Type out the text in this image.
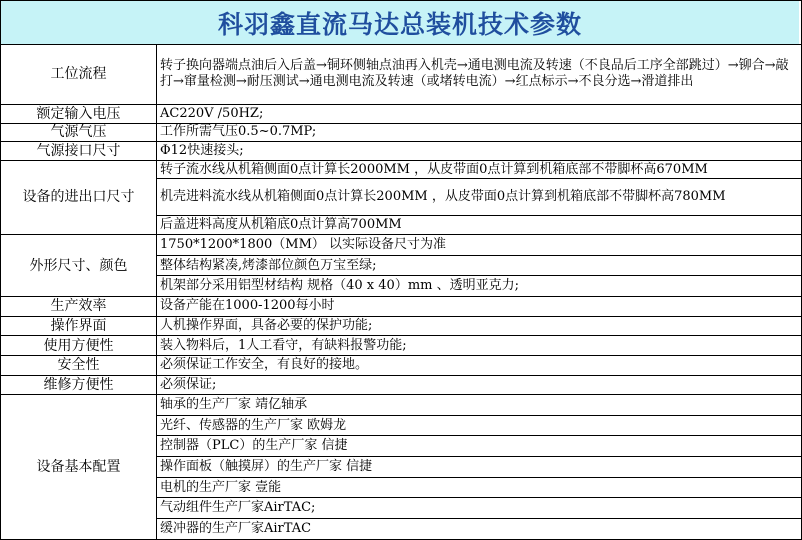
科羽鑫直流马达总装机技术参数
工位流程	转子换向器端点油后入后盖→铜环侧轴点油再入机壳→通电测电流及转速（不良品后工序全部跳过）→铆合→敲打→窜量检测→耐压测试→通电测电流及转速（或堵转电流）→红点标示→不良分选→滑道排出
额定输入电压	AC220V /50HZ;
气源气压	工作所需气压0.5~0.7MP;
气源接口尺寸	Φ12快速接头;
设备的进出口尺寸	转子流水线从机箱侧面0点计算长2000MM ，从皮带面0点计算到机箱底部不带脚杯高670MM
	机壳进料流水线从机箱侧面0点计算长200MM ，从皮带面0点计算到机箱底部不带脚杯高780MM
	后盖进料高度从机箱底0点计算高700MM
外形尺寸、颜色	1750*1200*1800（MM） 以实际设备尺寸为准
	整体结构紧凑,烤漆部位颜色万宝至绿;
	机架部分采用铝型材结构 规格（40 x 40）mm 、透明亚克力;
生产效率	设备产能在1000-1200每小时
操作界面	人机操作界面，具备必要的保护功能;
使用方便性	装入物料后，1人工看守，有缺料报警功能;
安全性	必须保证工作安全，有良好的接地。
维修方便性	必须保证;
设备基本配置	轴承的生产厂家 靖亿轴承
	光纤、传感器的生产厂家 欧姆龙
	控制器（PLC）的生产厂家 信捷
	操作面板（触摸屏）的生产厂家 信捷
	电机的生产厂家 壹能
	气动组件生产厂家AirTAC;
	缓冲器的生产厂家AirTAC
